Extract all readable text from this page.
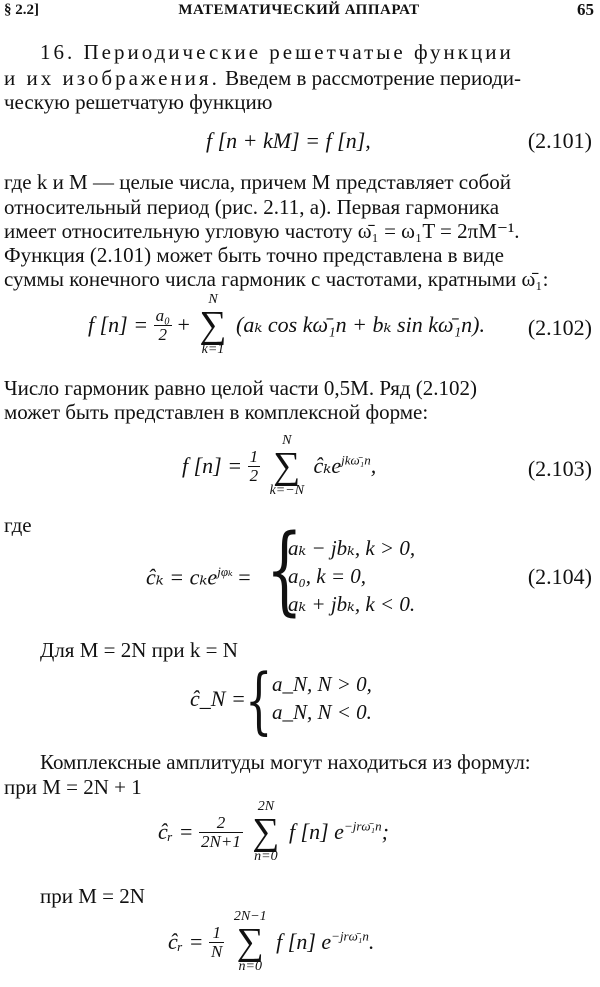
§ 2.2]	МАТЕМАТИЧЕСКИЙ АППАРАТ	65
16. Периодические решетчатые функции
и их изображения. Введем в рассмотрение периоди-
ческую решетчатую функцию
f [n + kM] = f [n],	(2.101)
где k и M — целые числа, причем M представляет собой
относительный период (рис. 2.11, a). Первая гармоника
имеет относительную угловую частоту ω̄₁ = ω₁T = 2πM⁻¹.
Функция (2.101) может быть точно представлена в виде
суммы конечного числа гармоник с частотами, кратными ω̄₁:
f $[n] = \frac{\text{a₀}}{2}$ +
N
∑
k=1
(aₖ cos kω̄₁n + bₖ sin kω̄₁n). (2.102)
Число гармоник равно целой части 0,5M. Ряд (2.102)
может быть представлен в комплексной форме:
f $[n] = \frac{1}{2}$

N
∑
k=−N
ĉₖe$^{jk\omegā_1n}$,	(2.103)
где
ĉₖ = cₖe$^{j\varphi_k}$ = {
aₖ − jbₖ, k > 0,
a₀, k = 0,
aₖ + jbₖ, k < 0.
(2.104)
Для M = 2N при k = N
ĉ_N = { a_N, N > 0,
a_N, N < 0.
Комплексные амплитуды могут находиться из формул:
при M = 2N + 1
ĉᵣ = $\frac{2}{2N+1}$

2N
∑
n=0
f [n] $e^{-jr\omegā_1n}$;
при M = 2N
ĉᵣ = $\frac{1}{N}$

2N−1
∑
n=0
f [n] $e^{-jr\omegā_1n}$.
